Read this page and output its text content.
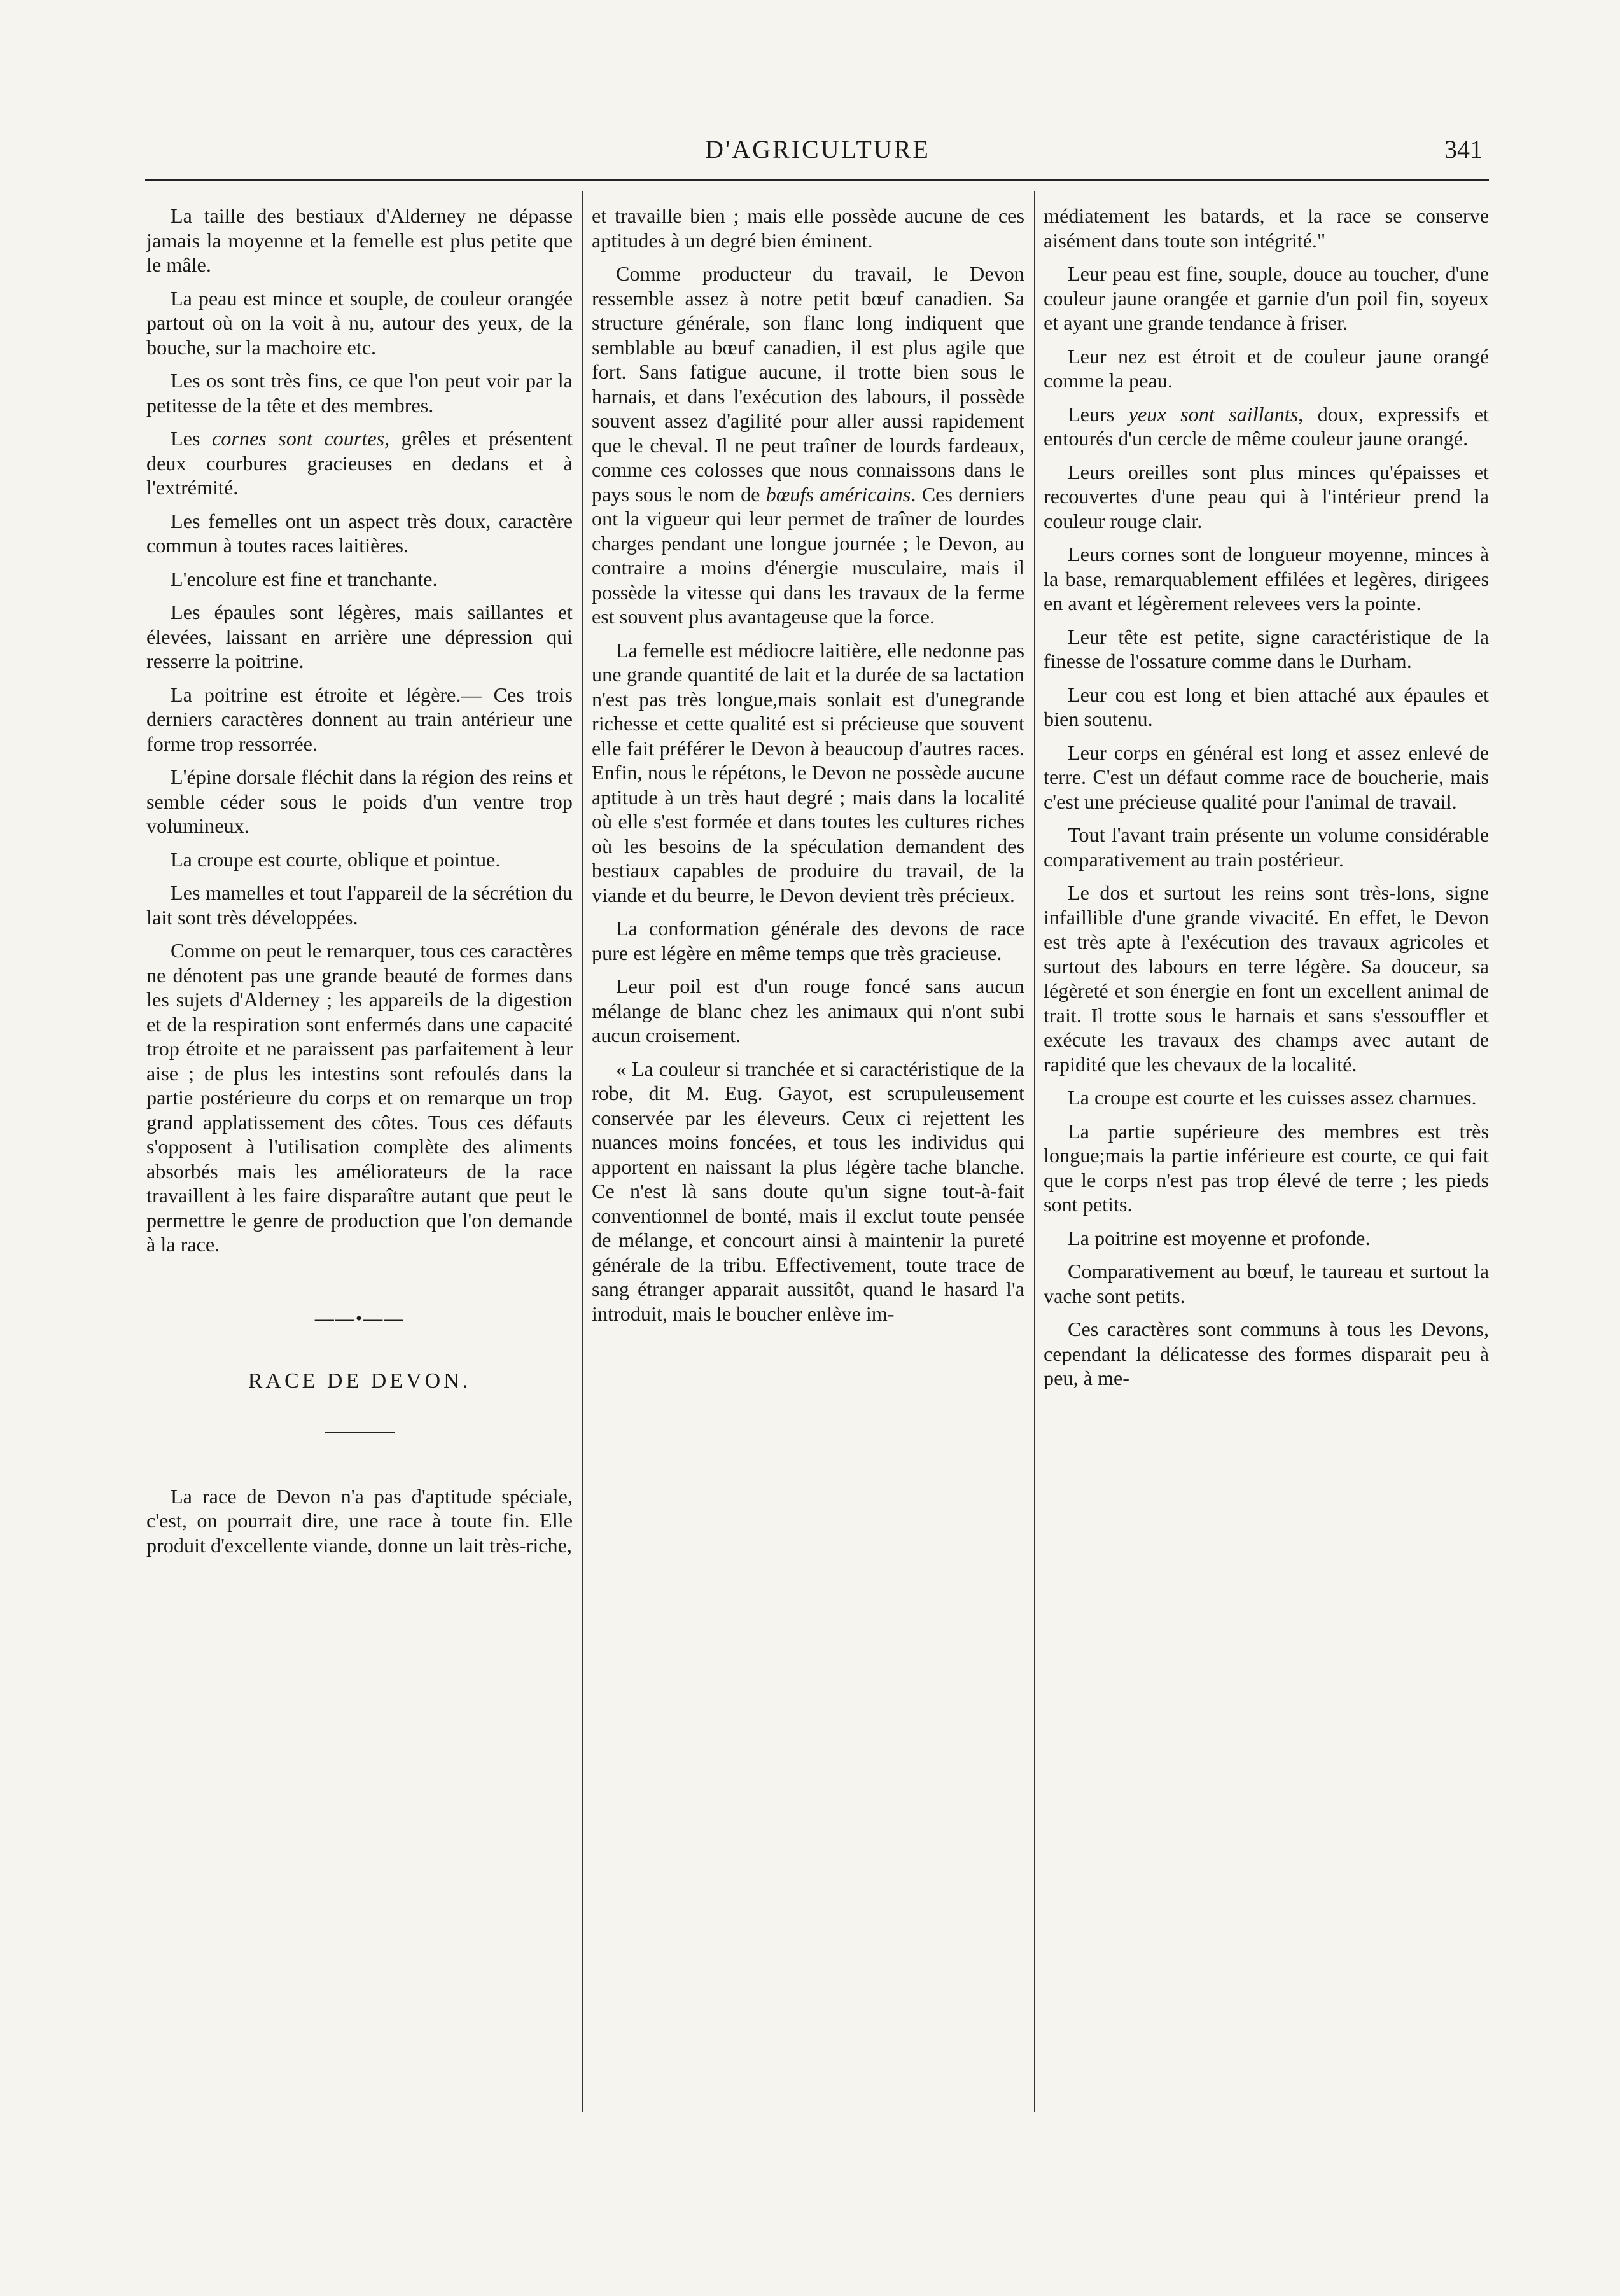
D'AGRICULTURE	341

La taille des bestiaux d'Alderney ne dépasse jamais la moyenne et la femelle est plus petite que le mâle.

La peau est mince et souple, de couleur orangée partout où on la voit à nu, autour des yeux, de la bouche, sur la machoire etc.

Les os sont très fins, ce que l'on peut voir par la petitesse de la tête et des membres.

Les cornes sont courtes, grêles et présentent deux courbures gracieuses en dedans et à l'extrémité.

Les femelles ont un aspect très doux, caractère commun à toutes races laitières.

L'encolure est fine et tranchante.

Les épaules sont légères, mais saillantes et élevées, laissant en arrière une dépression qui resserre la poitrine.

La poitrine est étroite et légère.— Ces trois derniers caractères donnent au train antérieur une forme trop ressorrée.

L'épine dorsale fléchit dans la région des reins et semble céder sous le poids d'un ventre trop volumineux.

La croupe est courte, oblique et pointue.

Les mamelles et tout l'appareil de la sécrétion du lait sont très développées.

Comme on peut le remarquer, tous ces caractères ne dénotent pas une grande beauté de formes dans les sujets d'Alderney ; les appareils de la digestion et de la respiration sont enfermés dans une capacité trop étroite et ne paraissent pas parfaitement à leur aise ; de plus les intestins sont refoulés dans la partie postérieure du corps et on remarque un trop grand applatissement des côtes. Tous ces défauts s'opposent à l'utilisation complète des aliments absorbés mais les améliorateurs de la race travaillent à les faire disparaître autant que peut le permettre le genre de production que l'on demande à la race.

——•——
RACE DE DEVON.

La race de Devon n'a pas d'aptitude spéciale, c'est, on pourrait dire, une race à toute fin. Elle produit d'excellente viande, donne un lait très-riche,

et travaille bien ; mais elle possède aucune de ces aptitudes à un degré bien éminent.

Comme producteur du travail, le Devon ressemble assez à notre petit bœuf canadien. Sa structure générale, son flanc long indiquent que semblable au bœuf canadien, il est plus agile que fort. Sans fatigue aucune, il trotte bien sous le harnais, et dans l'exécution des labours, il possède souvent assez d'agilité pour aller aussi rapidement que le cheval. Il ne peut traîner de lourds fardeaux, comme ces colosses que nous connaissons dans le pays sous le nom de bœufs américains. Ces derniers ont la vigueur qui leur permet de traîner de lourdes charges pendant une longue journée ; le Devon, au contraire a moins d'énergie musculaire, mais il possède la vitesse qui dans les travaux de la ferme est souvent plus avantageuse que la force.

La femelle est médiocre laitière, elle nedonne pas une grande quantité de lait et la durée de sa lactation n'est pas très longue,mais sonlait est d'unegrande richesse et cette qualité est si précieuse que souvent elle fait préférer le Devon à beaucoup d'autres races. Enfin, nous le répétons, le Devon ne possède aucune aptitude à un très haut degré ; mais dans la localité où elle s'est formée et dans toutes les cultures riches où les besoins de la spéculation demandent des bestiaux capables de produire du travail, de la viande et du beurre, le Devon devient très précieux.

La conformation générale des devons de race pure est légère en même temps que très gracieuse.

Leur poil est d'un rouge foncé sans aucun mélange de blanc chez les animaux qui n'ont subi aucun croisement.

« La couleur si tranchée et si caractéristique de la robe, dit M. Eug. Gayot, est scrupuleusement conservée par les éleveurs. Ceux ci rejettent les nuances moins foncées, et tous les individus qui apportent en naissant la plus légère tache blanche. Ce n'est là sans doute qu'un signe tout-à-fait conventionnel de bonté, mais il exclut toute pensée de mélange, et concourt ainsi à maintenir la pureté générale de la tribu. Effectivement, toute trace de sang étranger apparait aussitôt, quand le hasard l'a introduit, mais le boucher enlève im-

médiatement les batards, et la race se conserve aisément dans toute son intégrité."

Leur peau est fine, souple, douce au toucher, d'une couleur jaune orangée et garnie d'un poil fin, soyeux et ayant une grande tendance à friser.

Leur nez est étroit et de couleur jaune orangé comme la peau.

Leurs yeux sont saillants, doux, expressifs et entourés d'un cercle de même couleur jaune orangé.

Leurs oreilles sont plus minces qu'épaisses et recouvertes d'une peau qui à l'intérieur prend la couleur rouge clair.

Leurs cornes sont de longueur moyenne, minces à la base, remarquablement effilées et legères, dirigees en avant et légèrement relevees vers la pointe.

Leur tête est petite, signe caractéristique de la finesse de l'ossature comme dans le Durham.

Leur cou est long et bien attaché aux épaules et bien soutenu.

Leur corps en général est long et assez enlevé de terre. C'est un défaut comme race de boucherie, mais c'est une précieuse qualité pour l'animal de travail.

Tout l'avant train présente un volume considérable comparativement au train postérieur.

Le dos et surtout les reins sont très-lons, signe infaillible d'une grande vivacité. En effet, le Devon est très apte à l'exécution des travaux agricoles et surtout des labours en terre légère. Sa douceur, sa légèreté et son énergie en font un excellent animal de trait. Il trotte sous le harnais et sans s'essouffler et exécute les travaux des champs avec autant de rapidité que les chevaux de la localité.

La croupe est courte et les cuisses assez charnues.

La partie supérieure des membres est très longue;mais la partie inférieure est courte, ce qui fait que le corps n'est pas trop élevé de terre ; les pieds sont petits.

La poitrine est moyenne et profonde.

Comparativement au bœuf, le taureau et surtout la vache sont petits.

Ces caractères sont communs à tous les Devons, cependant la délicatesse des formes disparait peu à peu, à me-
